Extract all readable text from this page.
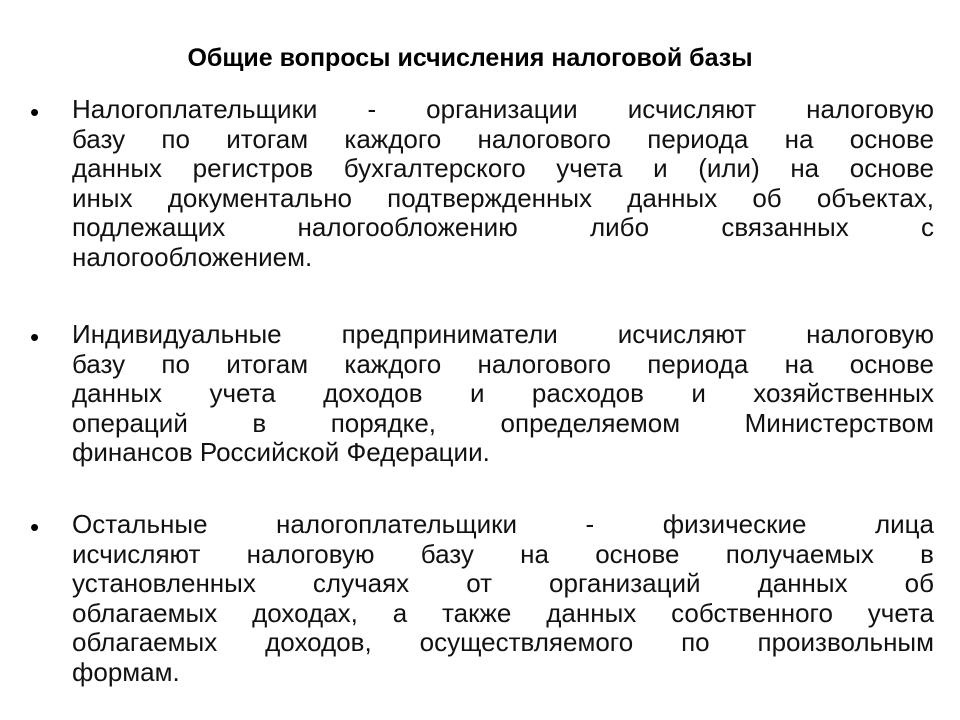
Общие вопросы исчисления налоговой базы
• Налогоплательщики - организации исчисляют налоговую
базу по итогам каждого налогового периода на основе
данных регистров бухгалтерского учета и (или) на основе
иных документально подтвержденных данных об объектах,
подлежащих налогообложению либо связанных с
налогообложением.
• Индивидуальные предприниматели исчисляют налоговую
базу по итогам каждого налогового периода на основе
данных учета доходов и расходов и хозяйственных
операций в порядке, определяемом Министерством
финансов Российской Федерации.
• Остальные налогоплательщики - физические лица
исчисляют налоговую базу на основе получаемых в
установленных случаях от организаций данных об
облагаемых доходах, а также данных собственного учета
облагаемых доходов, осуществляемого по произвольным
формам.
